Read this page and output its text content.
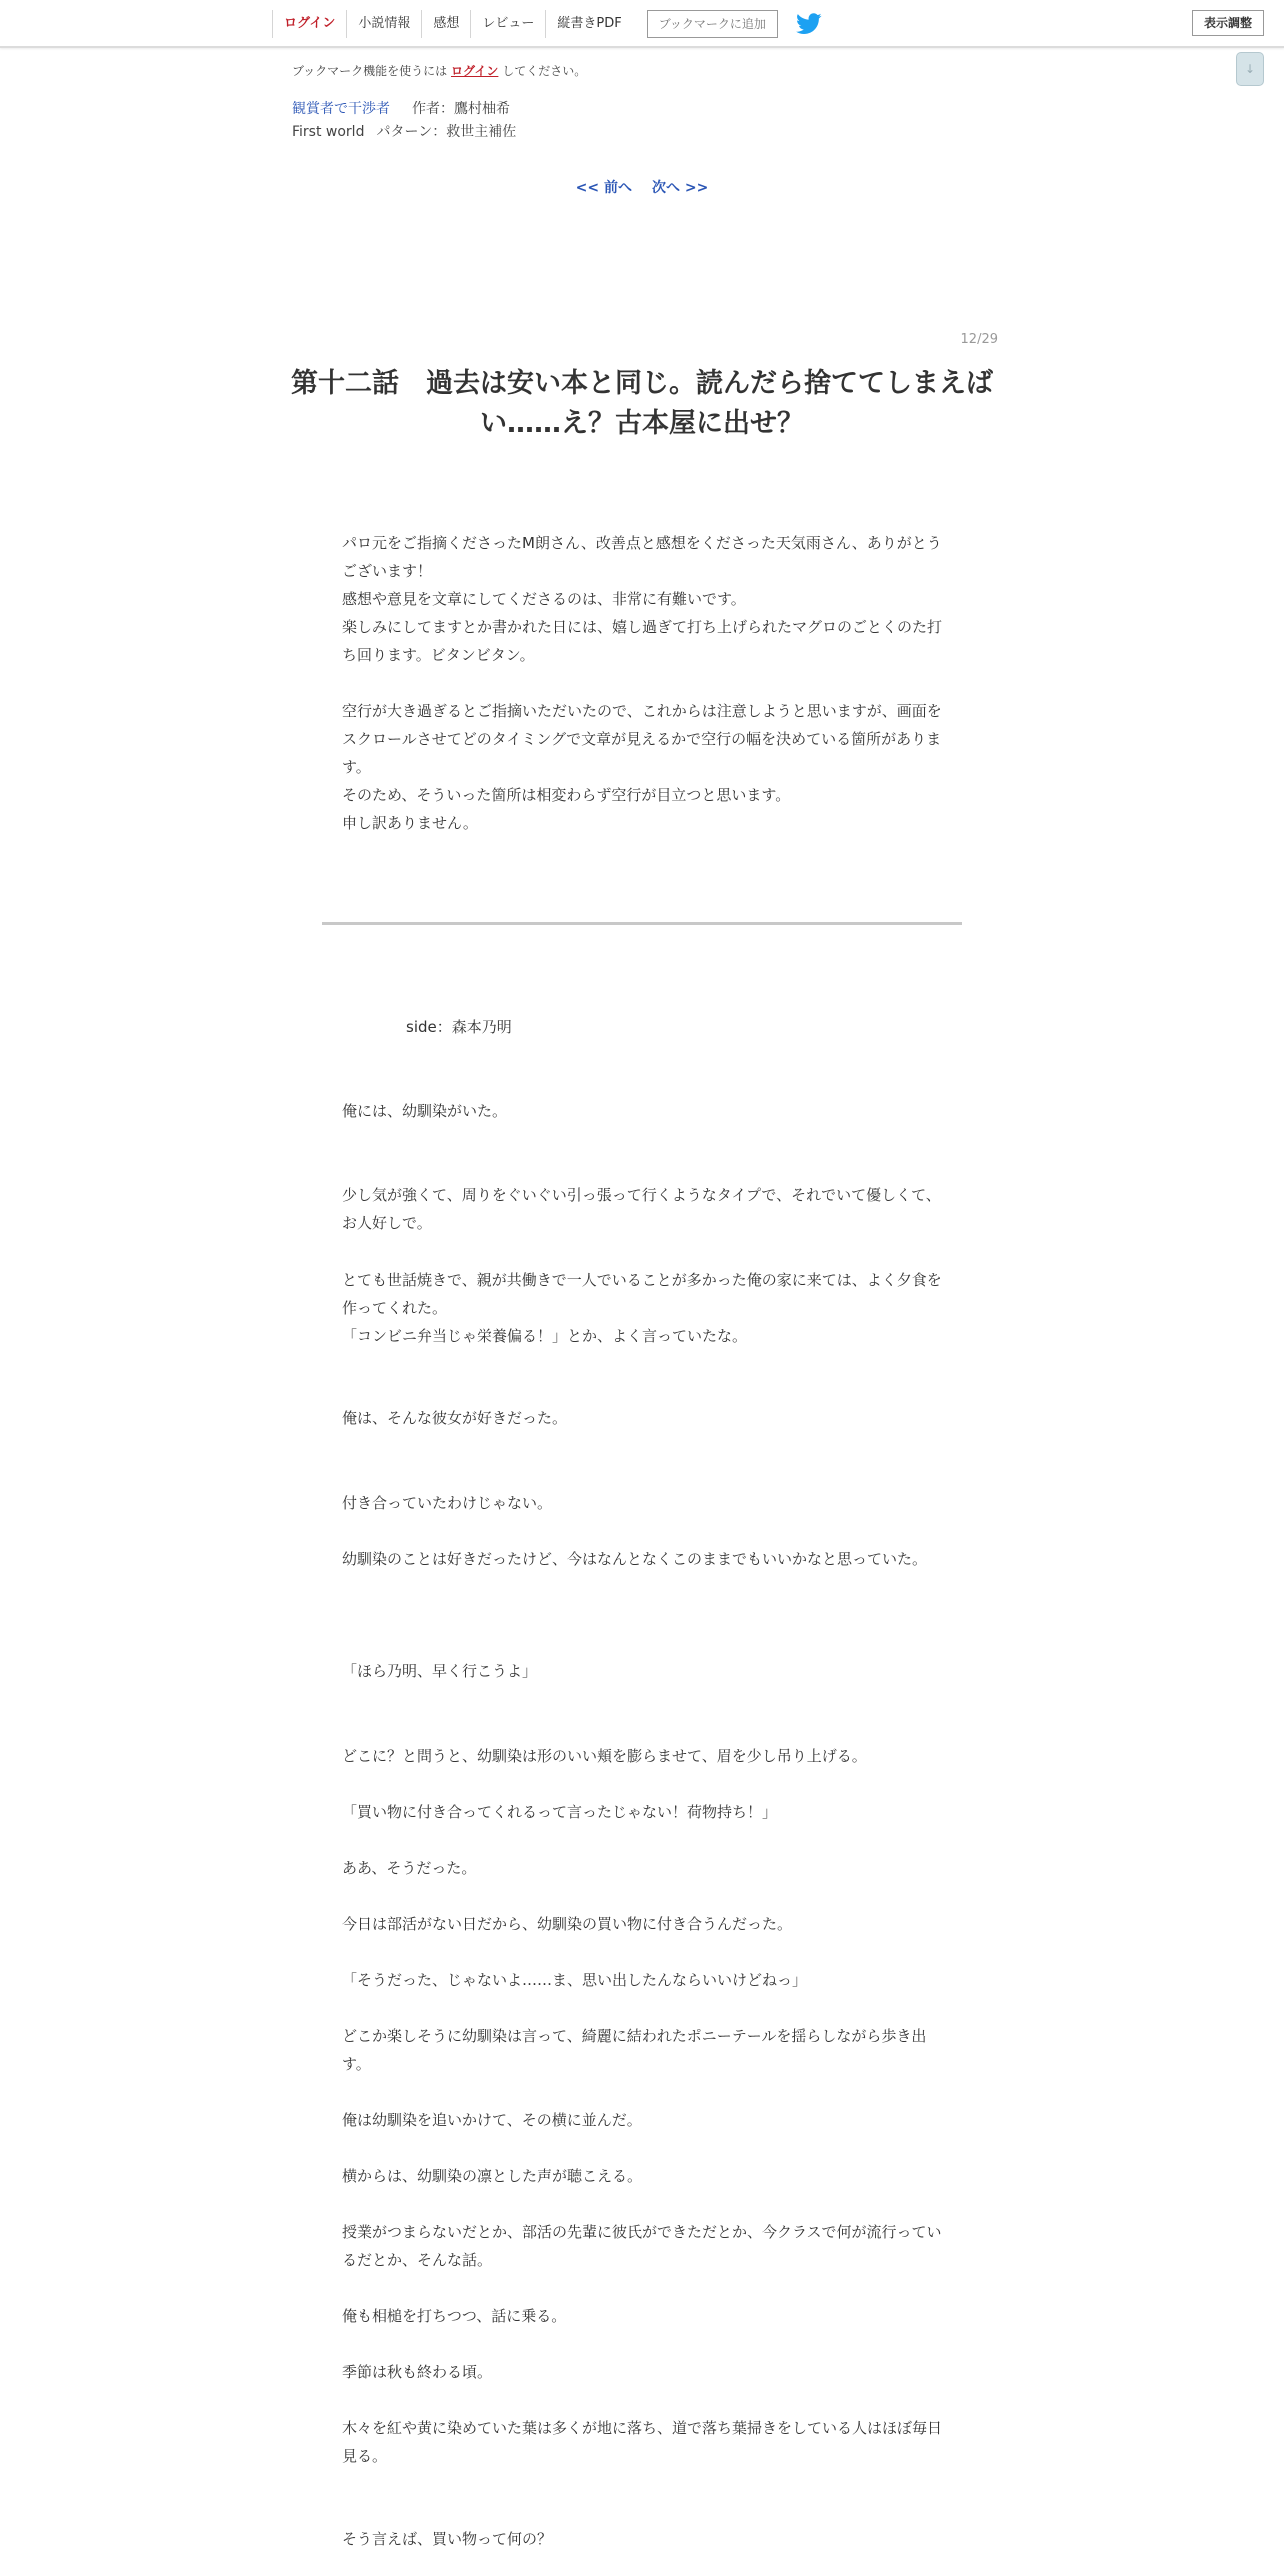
ログイン	小説情報	感想	レビュー	縦書きPDF	ブックマークに追加	表示調整
↓
ブックマーク機能を使うには ログイン してください。
観賞者で干渉者 作者：鷹村柚希
First world パターン：救世主補佐
<< 前へ 次へ >>
12/29
第十二話　過去は安い本と同じ。読んだら捨ててしまえばい……え？古本屋に出せ？

パロ元をご指摘くださったM朗さん、改善点と感想をくださった天気雨さん、ありがとうございます！

感想や意見を文章にしてくださるのは、非常に有難いです。

楽しみにしてますとか書かれた日には、嬉し過ぎて打ち上げられたマグロのごとくのた打ち回ります。ビタンビタン。

空行が大き過ぎるとご指摘いただいたので、これからは注意しようと思いますが、画面をスクロールさせてどのタイミングで文章が見えるかで空行の幅を決めている箇所があります。

そのため、そういった箇所は相変わらず空行が目立つと思います。

申し訳ありません。

side：森本乃明

俺には、幼馴染がいた。

少し気が強くて、周りをぐいぐい引っ張って行くようなタイプで、それでいて優しくて、お人好しで。

とても世話焼きで、親が共働きで一人でいることが多かった俺の家に来ては、よく夕食を作ってくれた。

「コンビニ弁当じゃ栄養偏る！」とか、よく言っていたな。

俺は、そんな彼女が好きだった。

付き合っていたわけじゃない。

幼馴染のことは好きだったけど、今はなんとなくこのままでもいいかなと思っていた。

「ほら乃明、早く行こうよ」

どこに？と問うと、幼馴染は形のいい頬を膨らませて、眉を少し吊り上げる。

「買い物に付き合ってくれるって言ったじゃない！荷物持ち！」

ああ、そうだった。

今日は部活がない日だから、幼馴染の買い物に付き合うんだった。

「そうだった、じゃないよ……ま、思い出したんならいいけどねっ」

どこか楽しそうに幼馴染は言って、綺麗に結われたポニーテールを揺らしながら歩き出す。

俺は幼馴染を追いかけて、その横に並んだ。

横からは、幼馴染の凛とした声が聴こえる。

授業がつまらないだとか、部活の先輩に彼氏ができただとか、今クラスで何が流行っているだとか、そんな話。

俺も相槌を打ちつつ、話に乗る。

季節は秋も終わる頃。

木々を紅や黄に染めていた葉は多くが地に落ち、道で落ち葉掃きをしている人はほぼ毎日見る。

そう言えば、買い物って何の？
